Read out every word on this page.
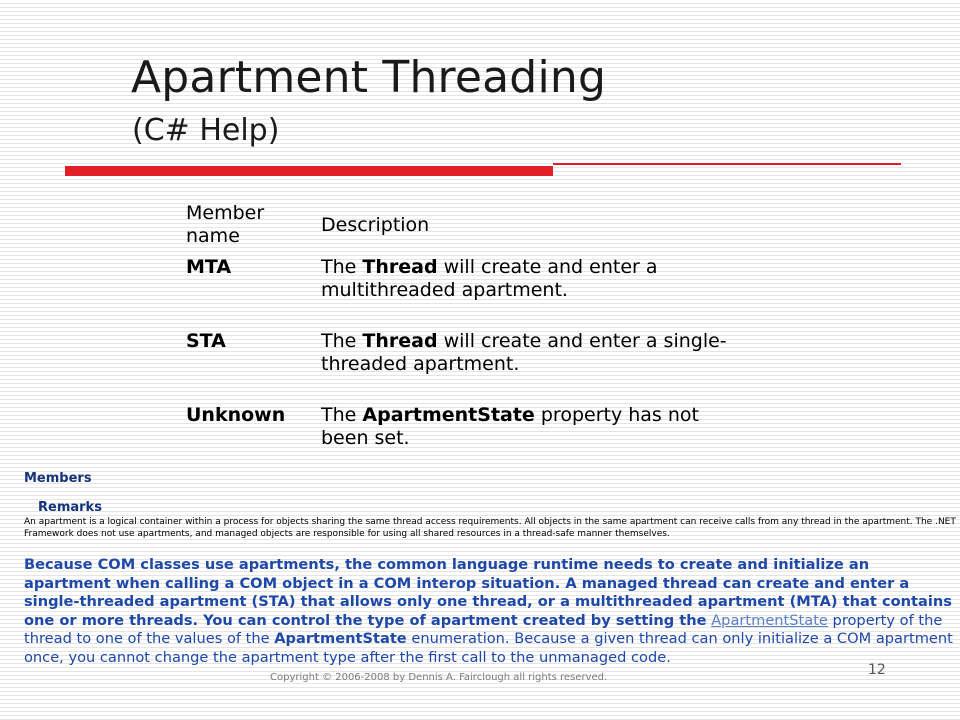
Apartment Threading
(C# Help)
Member name	Description
MTA	The Thread will create and enter a multithreaded apartment.
STA	The Thread will create and enter a single-threaded apartment.
Unknown	The ApartmentState property has not been set.
Members
Remarks

An apartment is a logical container within a process for objects sharing the same thread access requirements. All objects in the same apartment can receive calls from any thread in the apartment. The .NET Framework does not use apartments, and managed objects are responsible for using all shared resources in a thread-safe manner themselves.

Because COM classes use apartments, the common language runtime needs to create and initialize an apartment when calling a COM object in a COM interop situation. A managed thread can create and enter a single-threaded apartment (STA) that allows only one thread, or a multithreaded apartment (MTA) that contains one or more threads. You can control the type of apartment created by setting the ApartmentState property of the thread to one of the values of the ApartmentState enumeration. Because a given thread can only initialize a COM apartment once, you cannot change the apartment type after the first call to the unmanaged code.

Copyright © 2006-2008 by Dennis A. Fairclough all rights reserved.	12
